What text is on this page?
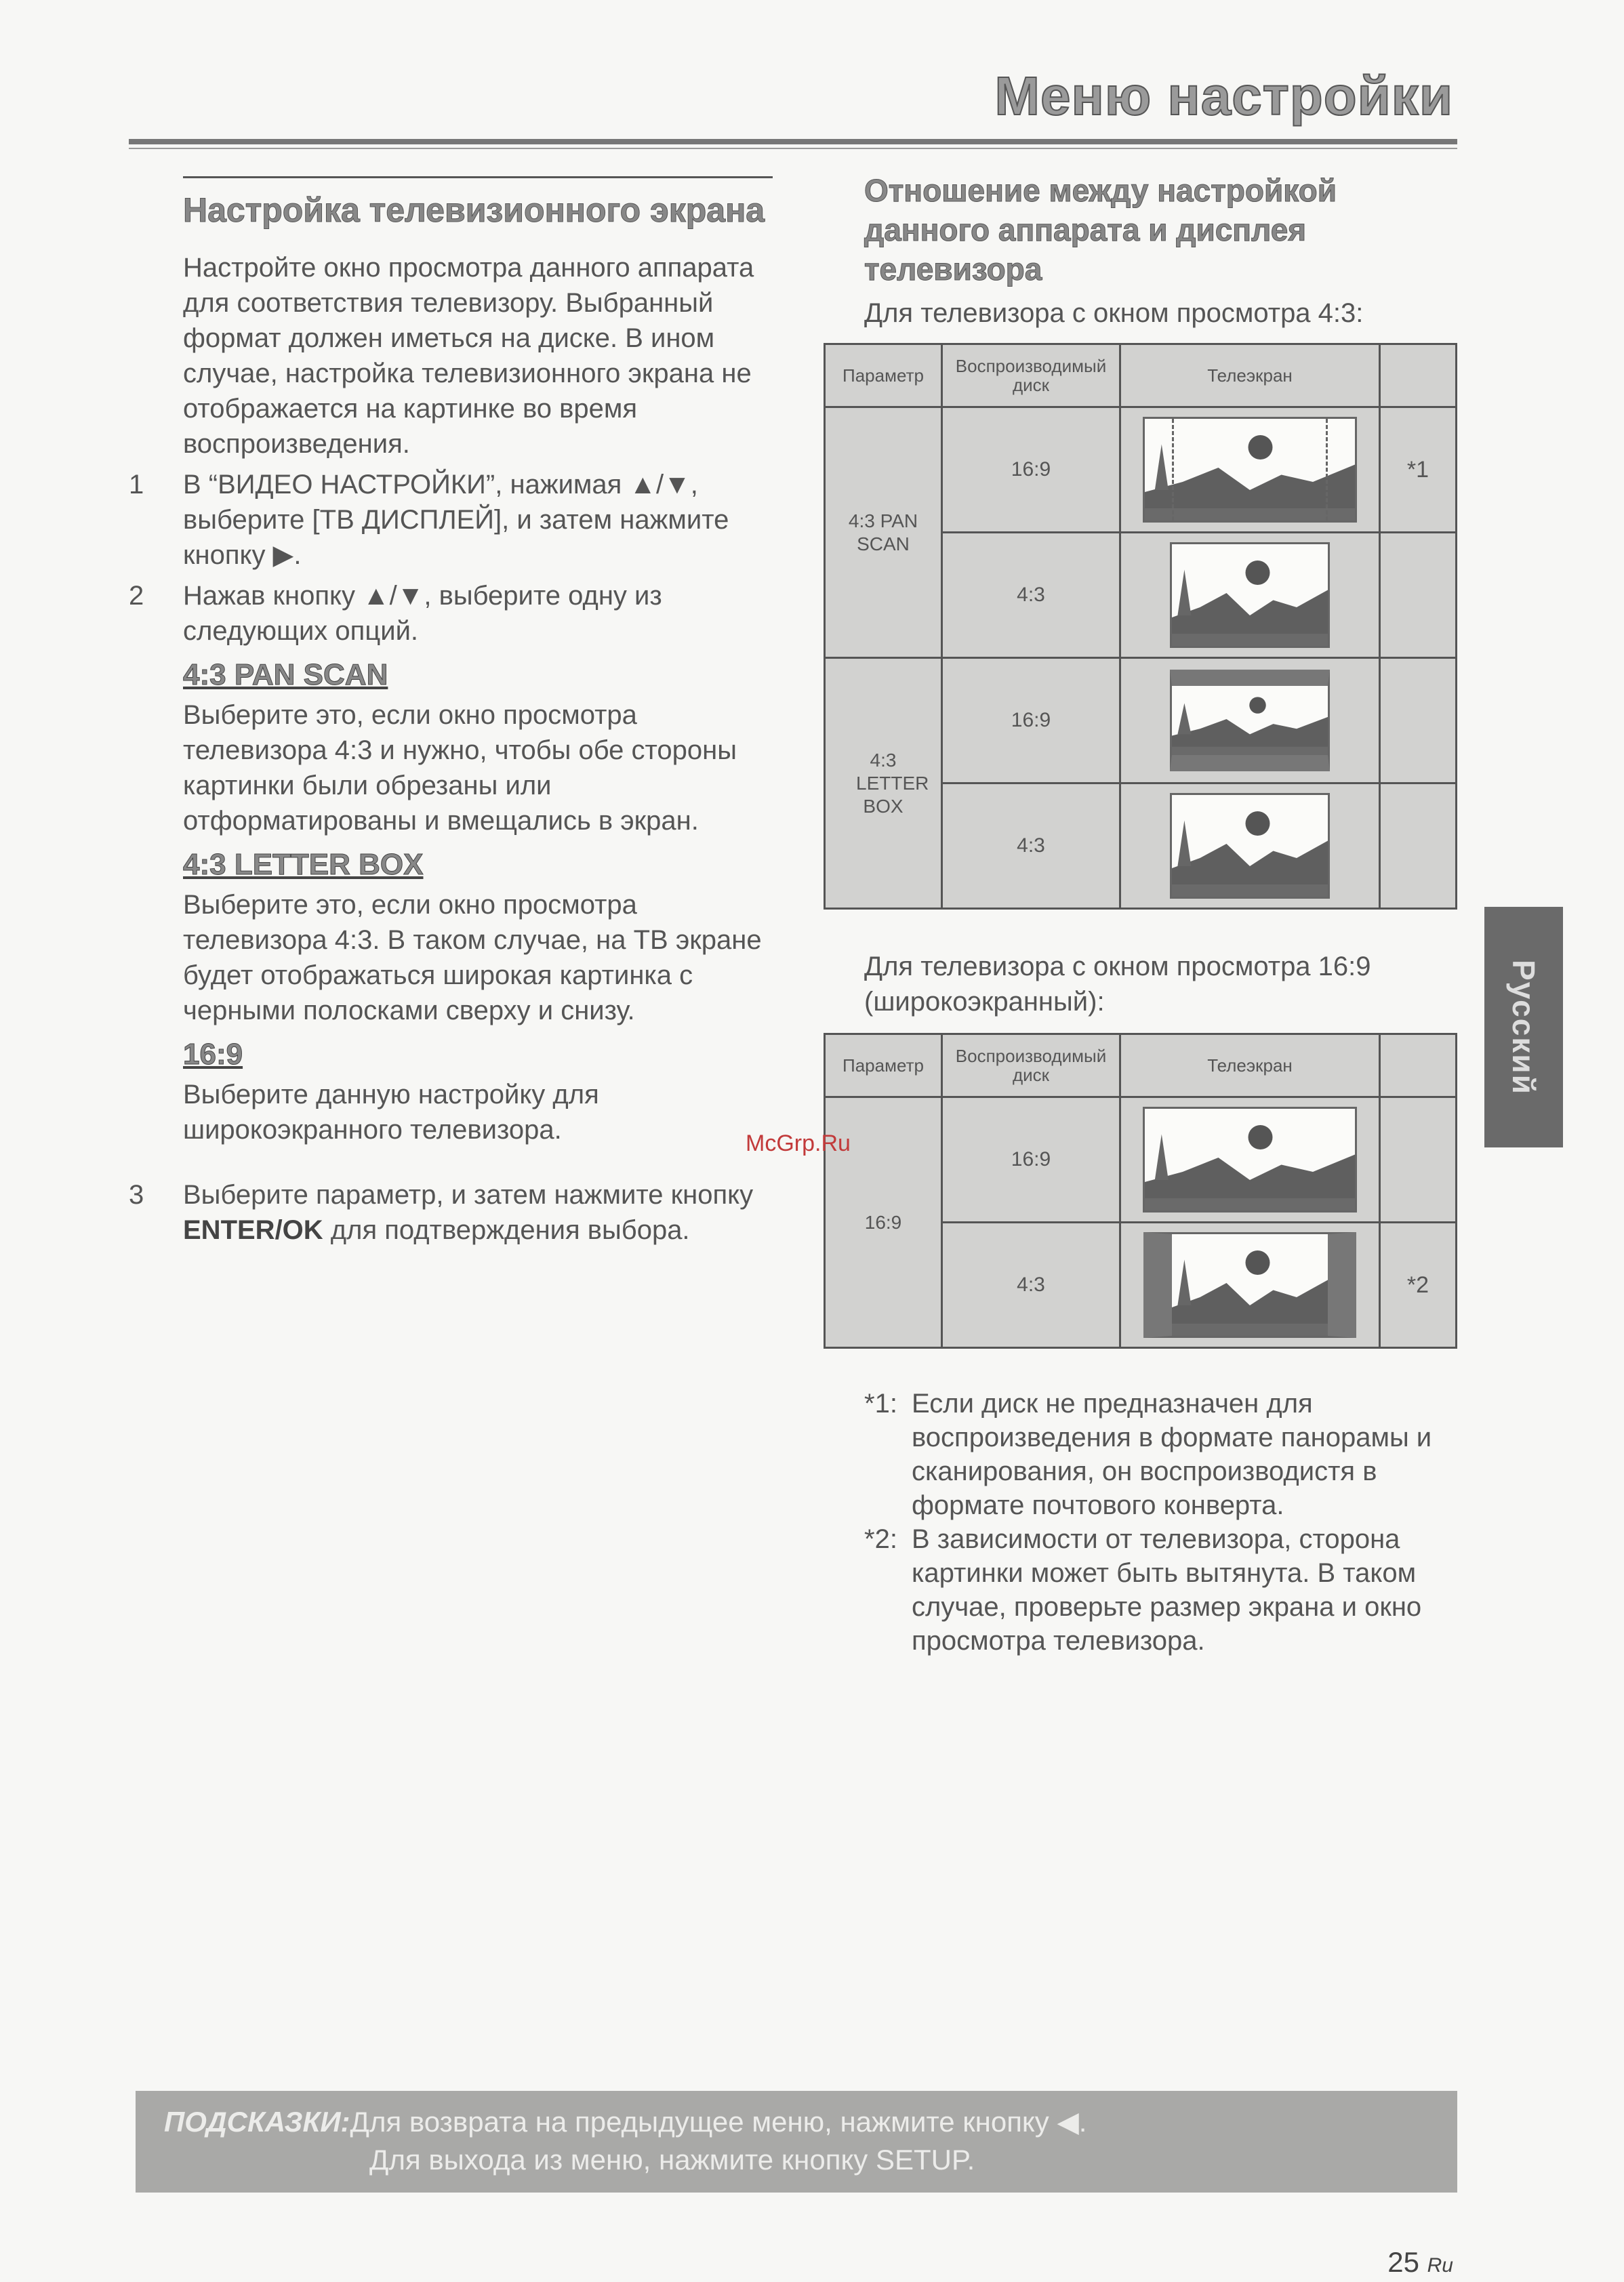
Меню настройки
Настройка телевизионного экрана
Настройте окно просмотра данного аппарата для соответствия телевизору. Выбранный формат должен иметься на диске. В ином случае, настройка телевизионного экрана не отображается на картинке во время воспроизведения.
1	В “ВИДЕО НАСТРОЙКИ”, нажимая ▲/▼, выберите [ТВ ДИСПЛЕЙ], и затем нажмите кнопку ▶.
2	Нажав кнопку ▲/▼, выберите одну из следующих опций.
4:3 PAN SCAN
Выберите это, если окно просмотра телевизора 4:3 и нужно, чтобы обе стороны картинки были обрезаны или отформатированы и вмещались в экран.
4:3 LETTER BOX
Выберите это, если окно просмотра телевизора 4:3. В таком случае, на ТВ экране будет отображаться широкая картинка с черными полосками сверху и снизу.
16:9
Выберите данную настройку для широкоэкранного телевизора.
3	Выберите параметр, и затем нажмите кнопку ENTER/OK для подтверждения выбора.
Отношение между настройкой данного аппарата и дисплея телевизора
Для телевизора с окном просмотра 4:3:
Параметр	Воспроизводимый диск	Телеэкран	
4:3 PAN SCAN	16:9		*1
	4:3	

4:3 LETTER BOX	16:9	

	4:3	

Для телевизора с окном просмотра 16:9 (широкоэкранный):
Параметр	Воспроизводимый диск	Телеэкран	
16:9	16:9	

	4:3		*2
*1: Если диск не предназначен для воспроизведения в формате панорамы и сканирования, он воспроизводистя в формате почтового конверта.
*2: В зависимости от телевизора, сторона картинки может быть вытянута. В таком случае, проверьте размер экрана и окно просмотра телевизора.
Русский
McGrp.Ru
ПОДСКАЗКИ:Для возврата на предыдущее меню, нажмите кнопку ◀.
Для выхода из меню, нажмите кнопку SETUP.
25 Ru
